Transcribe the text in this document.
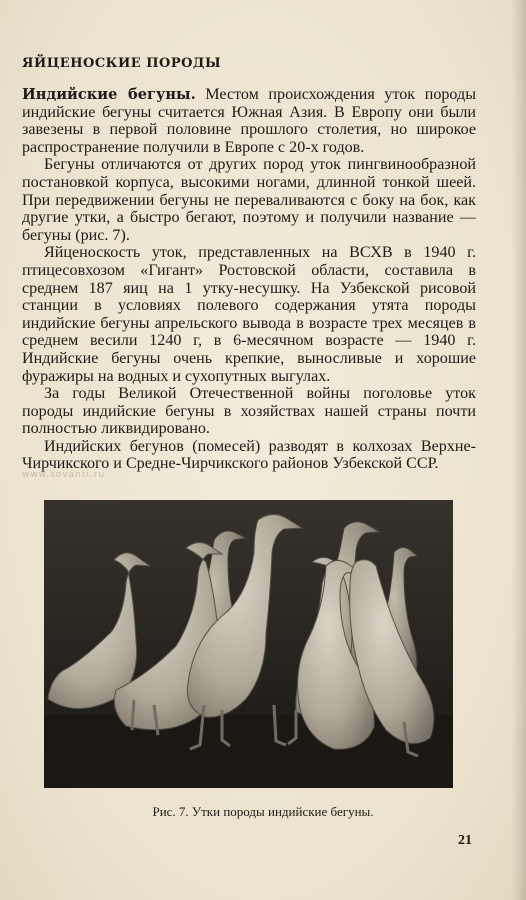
ЯЙЦЕНОСКИЕ ПОРОДЫ

Индийские бегуны. Местом происхождения уток породы индийские бегуны считается Южная Азия. В Европу они были завезены в первой половине прошлого столетия, но широкое распространение получили в Европе с 20-х годов.

Бегуны отличаются от других пород уток пингвинообразной постановкой корпуса, высокими ногами, длинной тонкой шеей. При передвижении бегуны не переваливаются с боку на бок, как другие утки, а быстро бегают, поэтому и получили название — бегуны (рис. 7).

Яйценоскость уток, представленных на ВСХВ в 1940 г. птицесовхозом «Гигант» Ростовской области, составила в среднем 187 яиц на 1 утку-несушку. На Узбекской рисовой станции в условиях полевого содержания утята породы индийские бегуны апрельского вывода в возрасте трех месяцев в среднем весили 1240 г, в 6-месячном возрасте — 1940 г. Индийские бегуны очень крепкие, выносливые и хорошие фуражиры на водных и сухопутных выгулах.

За годы Великой Отечественной войны поголовье уток породы индийские бегуны в хозяйствах нашей страны почти полностью ликвидировано.

Индийских бегунов (помесей) разводят в колхозах Верхне-Чирчикского и Средне-Чирчикского районов Узбекской ССР.

Рис. 7. Утки породы индийские бегуны.
21
www.sovanti.ru
